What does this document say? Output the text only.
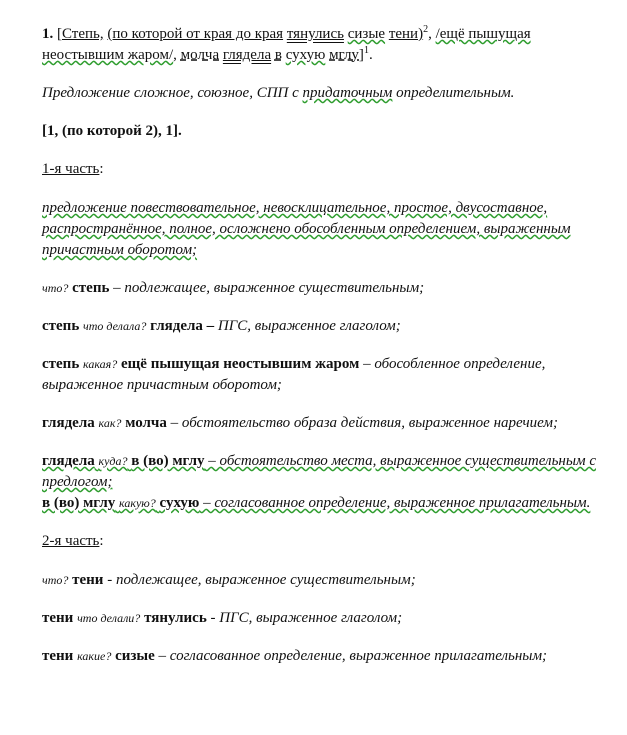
1. [Степь, (по которой от края до края тянулись сизые тени)$^2$, /ещё пышущая неостывшим жаром/, молча глядела в сухую мглу]$^1$.

Предложение сложное, союзное, СПП с придаточным определительным.

[1, (по которой 2), 1].

1-я часть:

предложение повествовательное, невосклицательное, простое, двусоставное, распространённое, полное, осложнено обособленным определением, выраженным причастным оборотом;

что? степь – подлежащее, выраженное существительным;

степь что делала? глядела – ПГС, выраженное глаголом;

степь какая? ещё пышущая неостывшим жаром – обособленное определение, выраженное причастным оборотом;

глядела как? молча – обстоятельство образа действия, выраженное наречием;

глядела куда? в (во) мглу – обстоятельство места, выраженное существительным с предлогом;

в (во) мглу какую? сухую – согласованное определение, выраженное прилагательным.

2-я часть:

что? тени - подлежащее, выраженное существительным;

тени что делали? тянулись - ПГС, выраженное глаголом;

тени какие? сизые – согласованное определение, выраженное прилагательным;
